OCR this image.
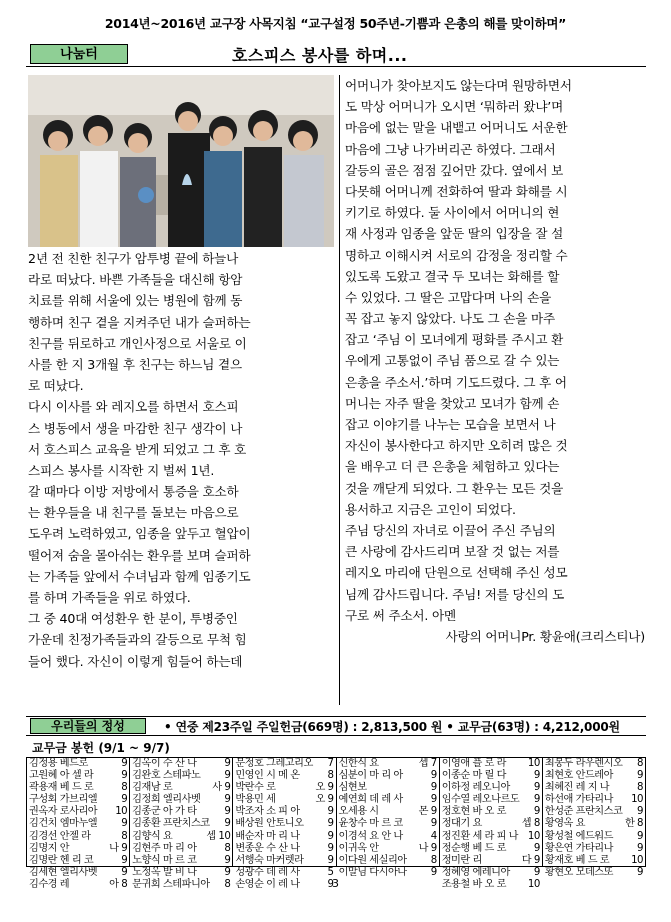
2014년~2016년 교구장 사목지침 “교구설정 50주년-기쁨과 은총의 해를 맞이하며”
나눔터	호스피스 봉사를 하며...
2년 전 친한 친구가 암투병 끝에 하늘나
라로 떠났다. 바쁜 가족들을 대신해 항암
치료를 위해 서울에 있는 병원에 함께 동
행하며 친구 곁을 지켜주던 내가 슬퍼하는
친구를 뒤로하고 개인사정으로 서울로 이
사를 한 지 3개월 후 친구는 하느님 곁으
로 떠났다.
다시 이사를 와 레지오를 하면서 호스피
스 병동에서 생을 마감한 친구 생각이 나
서 호스피스 교육을 받게 되었고 그 후 호
스피스 봉사를 시작한 지 벌써 1년.
갈 때마다 이방 저방에서 통증을 호소하
는 환우들을 내 친구를 돌보는 마음으로
도우려 노력하였고, 임종을 앞두고 혈압이
떨어져 숨을 몰아쉬는 환우를 보며 슬퍼하
는 가족들 앞에서 수녀님과 함께 임종기도
를 하며 가족들을 위로 하였다.
그 중 40대 여성환우 한 분이, 투병중인
가운데 친정가족들과의 갈등으로 무척 힘
들어 했다. 자신이 이렇게 힘들어 하는데
어머니가 찾아보지도 않는다며 원망하면서
도 막상 어머니가 오시면 ‘뭐하러 왔냐’며
마음에 없는 말을 내뱉고 어머니도 서운한
마음에 그냥 나가버리곤 하였다. 그래서
갈등의 골은 점점 깊어만 갔다. 옆에서 보
다못해 어머니께 전화하여 딸과 화해를 시
키기로 하였다. 둘 사이에서 어머니의 현
재 사정과 임종을 앞둔 딸의 입장을 잘 설
명하고 이해시켜 서로의 감정을 정리할 수
있도록 도왔고 결국 두 모녀는 화해를 할
수 있었다. 그 딸은 고맙다며 나의 손을
꼭 잡고 놓지 않았다. 나도 그 손을 마주
잡고 ‘주님 이 모녀에게 평화를 주시고 환
우에게 고통없이 주님 품으로 갈 수 있는
은총을 주소서.’하며 기도드렸다. 그 후 어
머니는 자주 딸을 찾았고 모녀가 함께 손
잡고 이야기를 나누는 모습을 보면서 나
자신이 봉사한다고 하지만 오히려 많은 것
을 배우고 더 큰 은총을 체험하고 있다는
것을 깨닫게 되었다. 그 환우는 모든 것을
용서하고 지금은 고인이 되었다.
주님 당신의 자녀로 이끌어 주신 주님의
큰 사랑에 감사드리며 보잘 것 없는 저를
레지오 마리애 단원으로 선택해 주신 성모
님께 감사드립니다. 주님! 저를 당신의 도
구로 써 주소서. 아멘
사랑의 어머니Pr. 황윤애(크리스티나)
우리들의 정성	• 연중 제23주일 주일헌금(669명) : 2,813,500 원 • 교무금(63명) : 4,212,000원
교무금 봉헌 (9/1 ~ 9/7)
김정용 베드로	9
고원혜 아 셀 라	9
곽용재 베 드 로	8
구성회 가브리엘 9
권옥자 로사리아 10
김건치 엠마누엘 9
김경선 안젤 라	8
김명지 안	나 9
김명란 헨 리 코	9
김세현 엘리사벳 9
김수경 레	아 8
김옥이 수 산 나	9
김완호 스테파노 9
김재남 로	사 9
김정희 엘리사벳 9
김종군 아 가 타	9
김종환 프란치스코 9
김향식 요	셉 10
김현주 마 리 아	8
노향식 마 르 코	9
노정옥 발 비 나	9
문귀희 스테파니아 8
문정호 그레고리오 7
민영인 시 메 온	8
박란수 로	오 9
박용민 세	오 9
박조자 소 피 아	9
배상원 안토니오 9
배순자 마 리 나	9
변종운 수 산 나	9
서행숙 마커렛라 9
성광수 데 레 사	5
손영순 이 레 나	9
신한식 요	셉 7
심분이 마 리 아	9
심현보	9
예연희 데 레 사	9
오세용 시	몬 9
윤창수 마 르 코	9
이경석 요 안 나	4
이귀옥 안	나 9
이다원 세실리아 8
이말님 다시아나 9
이영애 플 로 라 10
이종순 마 릴 다	9
이하정 레오니아 9
임수열 레오나르도 9
정호현 바 오 로	9
정대기 요	셉 8
정진환 세 라 피 나 10
정순행 베 드 로	9
정미란 리	다 9
정혜영 에레니아 9
조용철 바 오 로 10
최봉두 라우렌시오 8
최현호 안드레아 9
최혜진 레 지 나	8
하선애 가타리나 10
한성준 프란치스코 9
황영옥 요	한 8
황성철 에드워드 9
황은연 가타리나 9
황재호 베 드 로 10
황현오 모데스또 9
3
